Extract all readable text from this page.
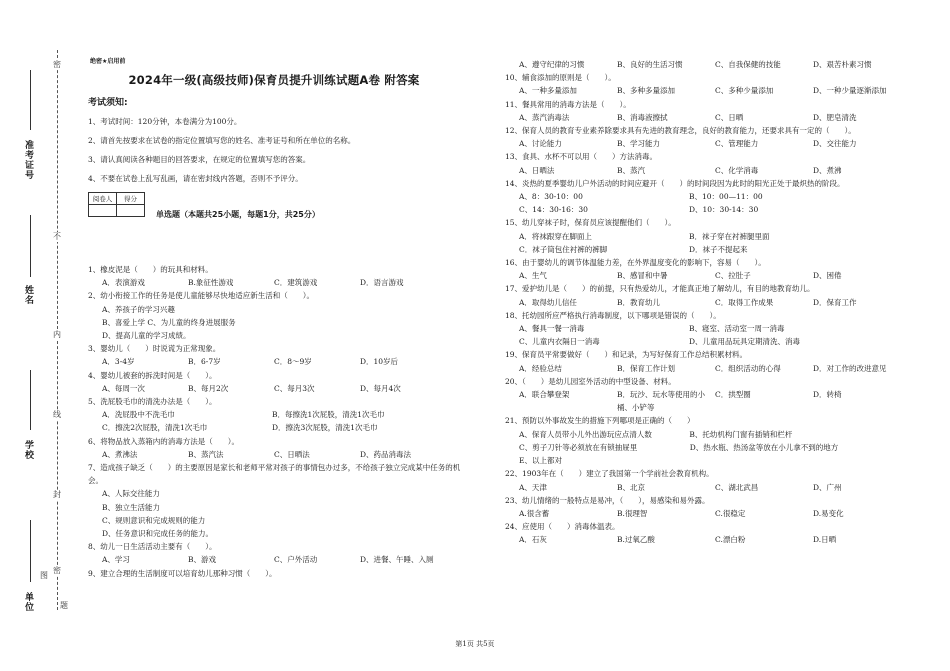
准考证号
姓名
学校
单位
密
不
内
线
封
密
图
题
绝密★启用前
2024年一级(高级技师)保育员提升训练试题A卷 附答案
考试须知:
1、考试时间：120分钟，本卷满分为100分。
2、请首先按要求在试卷的指定位置填写您的姓名、准考证号和所在单位的名称。
3、请认真阅读各种题目的回答要求，在规定的位置填写您的答案。
4、不要在试卷上乱写乱画，请在密封线内答题，否则不予评分。
阅卷人	得分

单选题（本题共25小题，每题1分，共25分）
1、橡皮泥是（　　）的玩具和材料。
A．表演游戏	B.象征性游戏	C．建筑游戏	D．语言游戏
2、幼小衔接工作的任务是使儿童能够尽快地适应新生活和（　　）。
A、养孩子的学习兴趣
B、喜爱上学 C、为儿童的终身进展服务
D、提高儿童的学习成绩。
3、婴幼儿（　　）时说谎为正常现象。
A．3-4岁	B．6-7岁	C．8～9岁	D．10岁后
4、婴幼儿被套的拆洗时间是（　　）。
A、每周一次	B、每月2次	C、每月3次	D、每月4次
5、洗屁股毛巾的清洗办法是（　　）。
A．洗屁股中不洗毛巾	B．每擦洗1次屁股，清洗1次毛巾
C．擦洗2次屁股，清洗1次毛巾	D．擦洗3次屁股，清洗1次毛巾
6、将物品放入蒸箱内的消毒方法是（　　）。
A、煮沸法	B、蒸汽法	C、日晒法	D、药品消毒法
7、造成孩子缺乏（　　）的主要原因是家长和老师平常对孩子的事情包办过多，不给孩子独立完成某中任务的机会。
A、人际交往能力
B、独立生活能力
C、规则意识和完成规则的能力
D、任务意识和完成任务的能力。
8、幼儿一日生活活动主要有（　　）。
A、学习	B、游戏	C、户外活动	D、进餐、午睡、入厕
9、建立合理的生活制度可以培育幼儿那种习惯（　　）。
A、遵守纪律的习惯	B、良好的生活习惯	C、自我保健的技能	D、艰苦朴素习惯
10、辅食添加的原则是（　　）。
A、一种多量添加	B、多种多量添加	C、多种少量添加	D、一种少量逐渐添加
11、餐具常用的消毒方法是（　　）。
A、蒸汽消毒法	B、消毒液擦拭	C、日晒	D、肥皂清洗
12、保育人员的教育专业素养除要求具有先进的教育理念，良好的教育能力，还要求具有一定的（　　）。
A、讨论能力	B、学习能力	C、管理能力	D、交往能力
13、食具、水杯不可以用（　　）方法消毒。
A、日晒法	B、蒸汽	C、化学消毒	D、煮沸
14、炎热的夏季婴幼儿户外活动的时间应避开（　　）的时间段因为此时的阳光正处于最炽热的阶段。
A、8：30-10：00	B、10：00—11：00
C、14：30-16：30	D、10：30-14：30
15、幼儿穿袜子时，保育员应该提醒他们（　　）。
A．将袜跟穿在脚面上	B．袜子穿在衬裤腿里面
C．袜子筒包住衬裤的裤脚	D．袜子不提起来
16、由于婴幼儿的调节体温能力差，在外界温度变化的影响下，容易（　　）。
A、生气	B、感冒和中暑	C、拉肚子	D、困倦
17、爱护幼儿是（　　）的前提，只有热爱幼儿，才能真正地了解幼儿，有目的地教育幼儿。
A．取得幼儿信任	B．教育幼儿	C．取得工作成果	D．保育工作
18、托幼园所应严格执行消毒制度，以下哪项是错误的（　　）。
A、餐具一餐一消毒	B、寝室、活动室一周一消毒
C、儿童内衣隔日一消毒	D、儿童用品玩具定期清洗、消毒
19、保育员平常要做好（　　）和记录，为写好保育工作总结积累材料。
A．经验总结	B．保育工作计划	C．组织活动的心得	D．对工作的改进意见
20、（　　）是幼儿园室外活动的中型设备、材料。
A．联合攀登架	B．玩沙、玩水等使用的小桶、小铲等
C．拱型圈	D．转椅
21、预防以外事故发生的措施下列哪项是正确的（　　）
A、保育人员带小儿外出游玩应点清人数　　　　　B、托幼机构门窗有插销和栏杆
C、剪子刀针等必须放在有锁抽屉里　　　　　　　D、热水瓶、热汤盆等放在小儿拿不到的地方
E、以上都对
22、1903年在（　　）建立了我国第一个学前社会教育机构。
A、天津	B、北京	C、湖北武昌	D、广州
23、幼儿情绪的一般特点是易冲，（　　），易感染和易外露。
A.很含蓄	B.很理智	C.很稳定	D.易变化
24、应使用（　　）消毒体温表。
A．石灰	B.过氧乙酸	C.漂白粉	D.日晒
第1页 共5页
